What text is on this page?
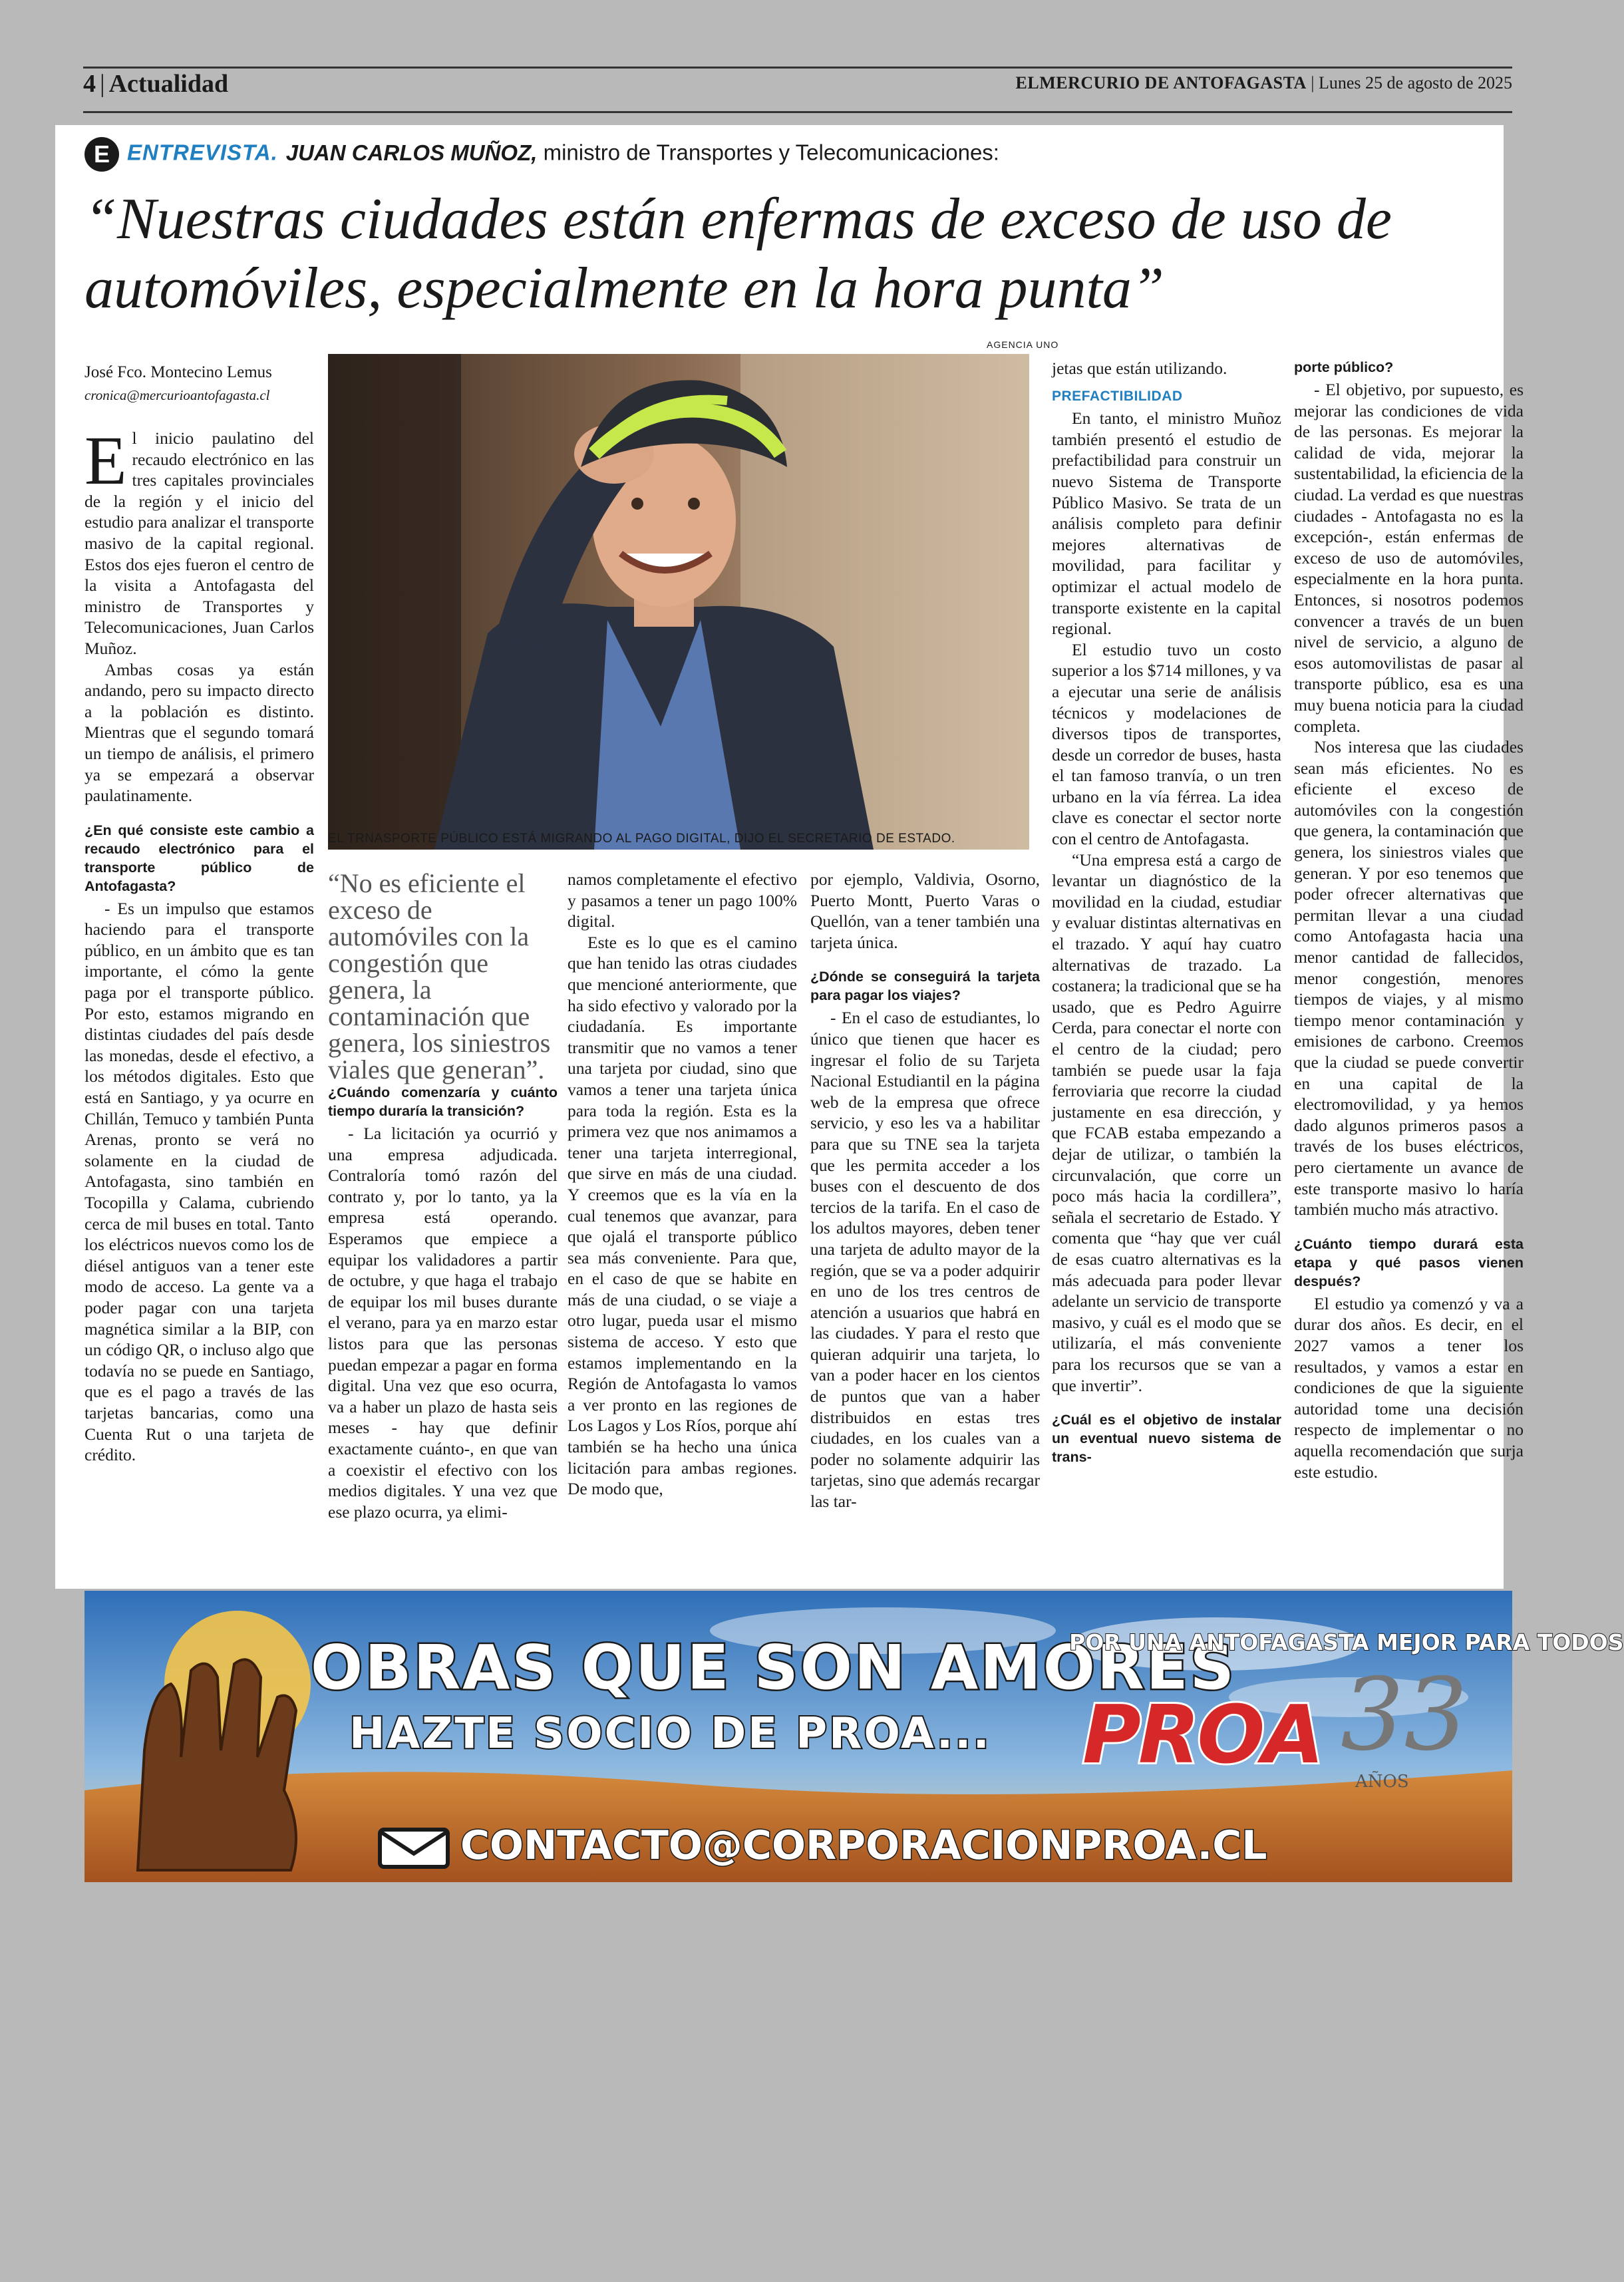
4 | Actualidad	ELMERCURIO DE ANTOFAGASTA | Lunes 25 de agosto de 2025
E ENTREVISTA. JUAN CARLOS MUÑOZ, ministro de Transportes y Telecomunicaciones:
“Nuestras ciudades están enfermas de exceso de uso de
automóviles, especialmente en la hora punta”
José Fco. Montecino Lemus
cronica@mercurioantofagasta.cl
AGENCIA UNO
EL TRNASPORTE PÚBLICO ESTÁ MIGRANDO AL PAGO DIGITAL, DIJO EL SECRETARIO DE ESTADO.

El inicio paulatino del recaudo electrónico en las tres capitales provinciales de la región y el inicio del estudio para analizar el transporte masivo de la capital regional. Estos dos ejes fueron el centro de la visita a Antofagasta del ministro de Transportes y Telecomunicaciones, Juan Carlos Muñoz.

Ambas cosas ya están andando, pero su impacto directo a la población es distinto. Mientras que el segundo tomará un tiempo de análisis, el primero ya se empezará a observar paulatinamente.

¿En qué consiste este cambio a recaudo electrónico para el transporte público de Antofagasta?

- Es un impulso que estamos haciendo para el transporte público, en un ámbito que es tan importante, el cómo la gente paga por el transporte público. Por esto, estamos migrando en distintas ciudades del país desde las monedas, desde el efectivo, a los métodos digitales. Esto que está en Santiago, y ya ocurre en Chillán, Temuco y también Punta Arenas, pronto se verá no solamente en la ciudad de Antofagasta, sino también en Tocopilla y Calama, cubriendo cerca de mil buses en total. Tanto los eléctricos nuevos como los de diésel antiguos van a tener este modo de acceso. La gente va a poder pagar con una tarjeta magnética similar a la BIP, con un código QR, o incluso algo que todavía no se puede en Santiago, que es el pago a través de las tarjetas bancarias, como una Cuenta Rut o una tarjeta de crédito.

“No es eficiente el exceso de automóviles con la congestión que genera, la contaminación que genera, los siniestros viales que generan”.

¿Cuándo comenzaría y cuánto tiempo duraría la transición?

- La licitación ya ocurrió y una empresa adjudicada. Contraloría tomó razón del contrato y, por lo tanto, ya la empresa está operando. Esperamos que empiece a equipar los validadores a partir de octubre, y que haga el trabajo de equipar los mil buses durante el verano, para ya en marzo estar listos para que las personas puedan empezar a pagar en forma digital. Una vez que eso ocurra, va a haber un plazo de hasta seis meses - hay que definir exactamente cuánto-, en que van a coexistir el efectivo con los medios digitales. Y una vez que ese plazo ocurra, ya elimi-

namos completamente el efectivo y pasamos a tener un pago 100% digital.

Este es lo que es el camino que han tenido las otras ciudades que mencioné anteriormente, que ha sido efectivo y valorado por la ciudadanía. Es importante transmitir que no vamos a tener una tarjeta por ciudad, sino que vamos a tener una tarjeta única para toda la región. Esta es la primera vez que nos animamos a tener una tarjeta interregional, que sirve en más de una ciudad. Y creemos que es la vía en la cual tenemos que avanzar, para que ojalá el transporte público sea más conveniente. Para que, en el caso de que se habite en más de una ciudad, o se viaje a otro lugar, pueda usar el mismo sistema de acceso. Y esto que estamos implementando en la Región de Antofagasta lo vamos a ver pronto en las regiones de Los Lagos y Los Ríos, porque ahí también se ha hecho una única licitación para ambas regiones. De modo que,

por ejemplo, Valdivia, Osorno, Puerto Montt, Puerto Varas o Quellón, van a tener también una tarjeta única.

¿Dónde se conseguirá la tarjeta para pagar los viajes?

- En el caso de estudiantes, lo único que tienen que hacer es ingresar el folio de su Tarjeta Nacional Estudiantil en la página web de la empresa que ofrece servicio, y eso les va a habilitar para que su TNE sea la tarjeta que les permita acceder a los buses con el descuento de dos tercios de la tarifa. En el caso de los adultos mayores, deben tener una tarjeta de adulto mayor de la región, que se va a poder adquirir en uno de los tres centros de atención a usuarios que habrá en las ciudades. Y para el resto que quieran adquirir una tarjeta, lo van a poder hacer en los cientos de puntos que van a haber distribuidos en estas tres ciudades, en los cuales van a poder no solamente adquirir las tarjetas, sino que además recargar las tar-

jetas que están utilizando.

PREFACTIBILIDAD

En tanto, el ministro Muñoz también presentó el estudio de prefactibilidad para construir un nuevo Sistema de Transporte Público Masivo. Se trata de un análisis completo para definir mejores alternativas de movilidad, para facilitar y optimizar el actual modelo de transporte existente en la capital regional.

El estudio tuvo un costo superior a los $714 millones, y va a ejecutar una serie de análisis técnicos y modelaciones de diversos tipos de transportes, desde un corredor de buses, hasta el tan famoso tranvía, o un tren urbano en la vía férrea. La idea clave es conectar el sector norte con el centro de Antofagasta.

“Una empresa está a cargo de levantar un diagnóstico de la movilidad en la ciudad, estudiar y evaluar distintas alternativas en el trazado. Y aquí hay cuatro alternativas de trazado. La costanera; la tradicional que se ha usado, que es Pedro Aguirre Cerda, para conectar el norte con el centro de la ciudad; pero también se puede usar la faja ferroviaria que recorre la ciudad justamente en esa dirección, y que FCAB estaba empezando a dejar de utilizar, o también la circunvalación, que corre un poco más hacia la cordillera”, señala el secretario de Estado. Y comenta que “hay que ver cuál de esas cuatro alternativas es la más adecuada para poder llevar adelante un servicio de transporte masivo, y cuál es el modo que se utilizaría, el más conveniente para los recursos que se van a que invertir”.

¿Cuál es el objetivo de instalar un eventual nuevo sistema de trans-

porte público?

- El objetivo, por supuesto, es mejorar las condiciones de vida de las personas. Es mejorar la calidad de vida, mejorar la sustentabilidad, la eficiencia de la ciudad. La verdad es que nuestras ciudades - Antofagasta no es la excepción-, están enfermas de exceso de uso de automóviles, especialmente en la hora punta. Entonces, si nosotros podemos convencer a través de un buen nivel de servicio, a alguno de esos automovilistas de pasar al transporte público, esa es una muy buena noticia para la ciudad completa.

Nos interesa que las ciudades sean más eficientes. No es eficiente el exceso de automóviles con la congestión que genera, la contaminación que genera, los siniestros viales que generan. Y por eso tenemos que poder ofrecer alternativas que permitan llevar a una ciudad como Antofagasta hacia una menor cantidad de fallecidos, menor congestión, menores tiempos de viajes, y al mismo tiempo menor contaminación y emisiones de carbono. Creemos que la ciudad se puede convertir en una capital de la electromovilidad, y ya hemos dado algunos primeros pasos a través de los buses eléctricos, pero ciertamente un avance de este transporte masivo lo haría también mucho más atractivo.

¿Cuánto tiempo durará esta etapa y qué pasos vienen después?

El estudio ya comenzó y va a durar dos años. Es decir, en el 2027 vamos a tener los resultados, y vamos a estar en condiciones de que la siguiente autoridad tome una decisión respecto de implementar o no aquella recomendación que surja este estudio.

OBRAS QUE SON AMORES
HAZTE SOCIO DE PROA...
CONTACTO@CORPORACIONPROA.CL
POR UNA ANTOFAGASTA MEJOR PARA TODOS
PROA 33
AÑOS
